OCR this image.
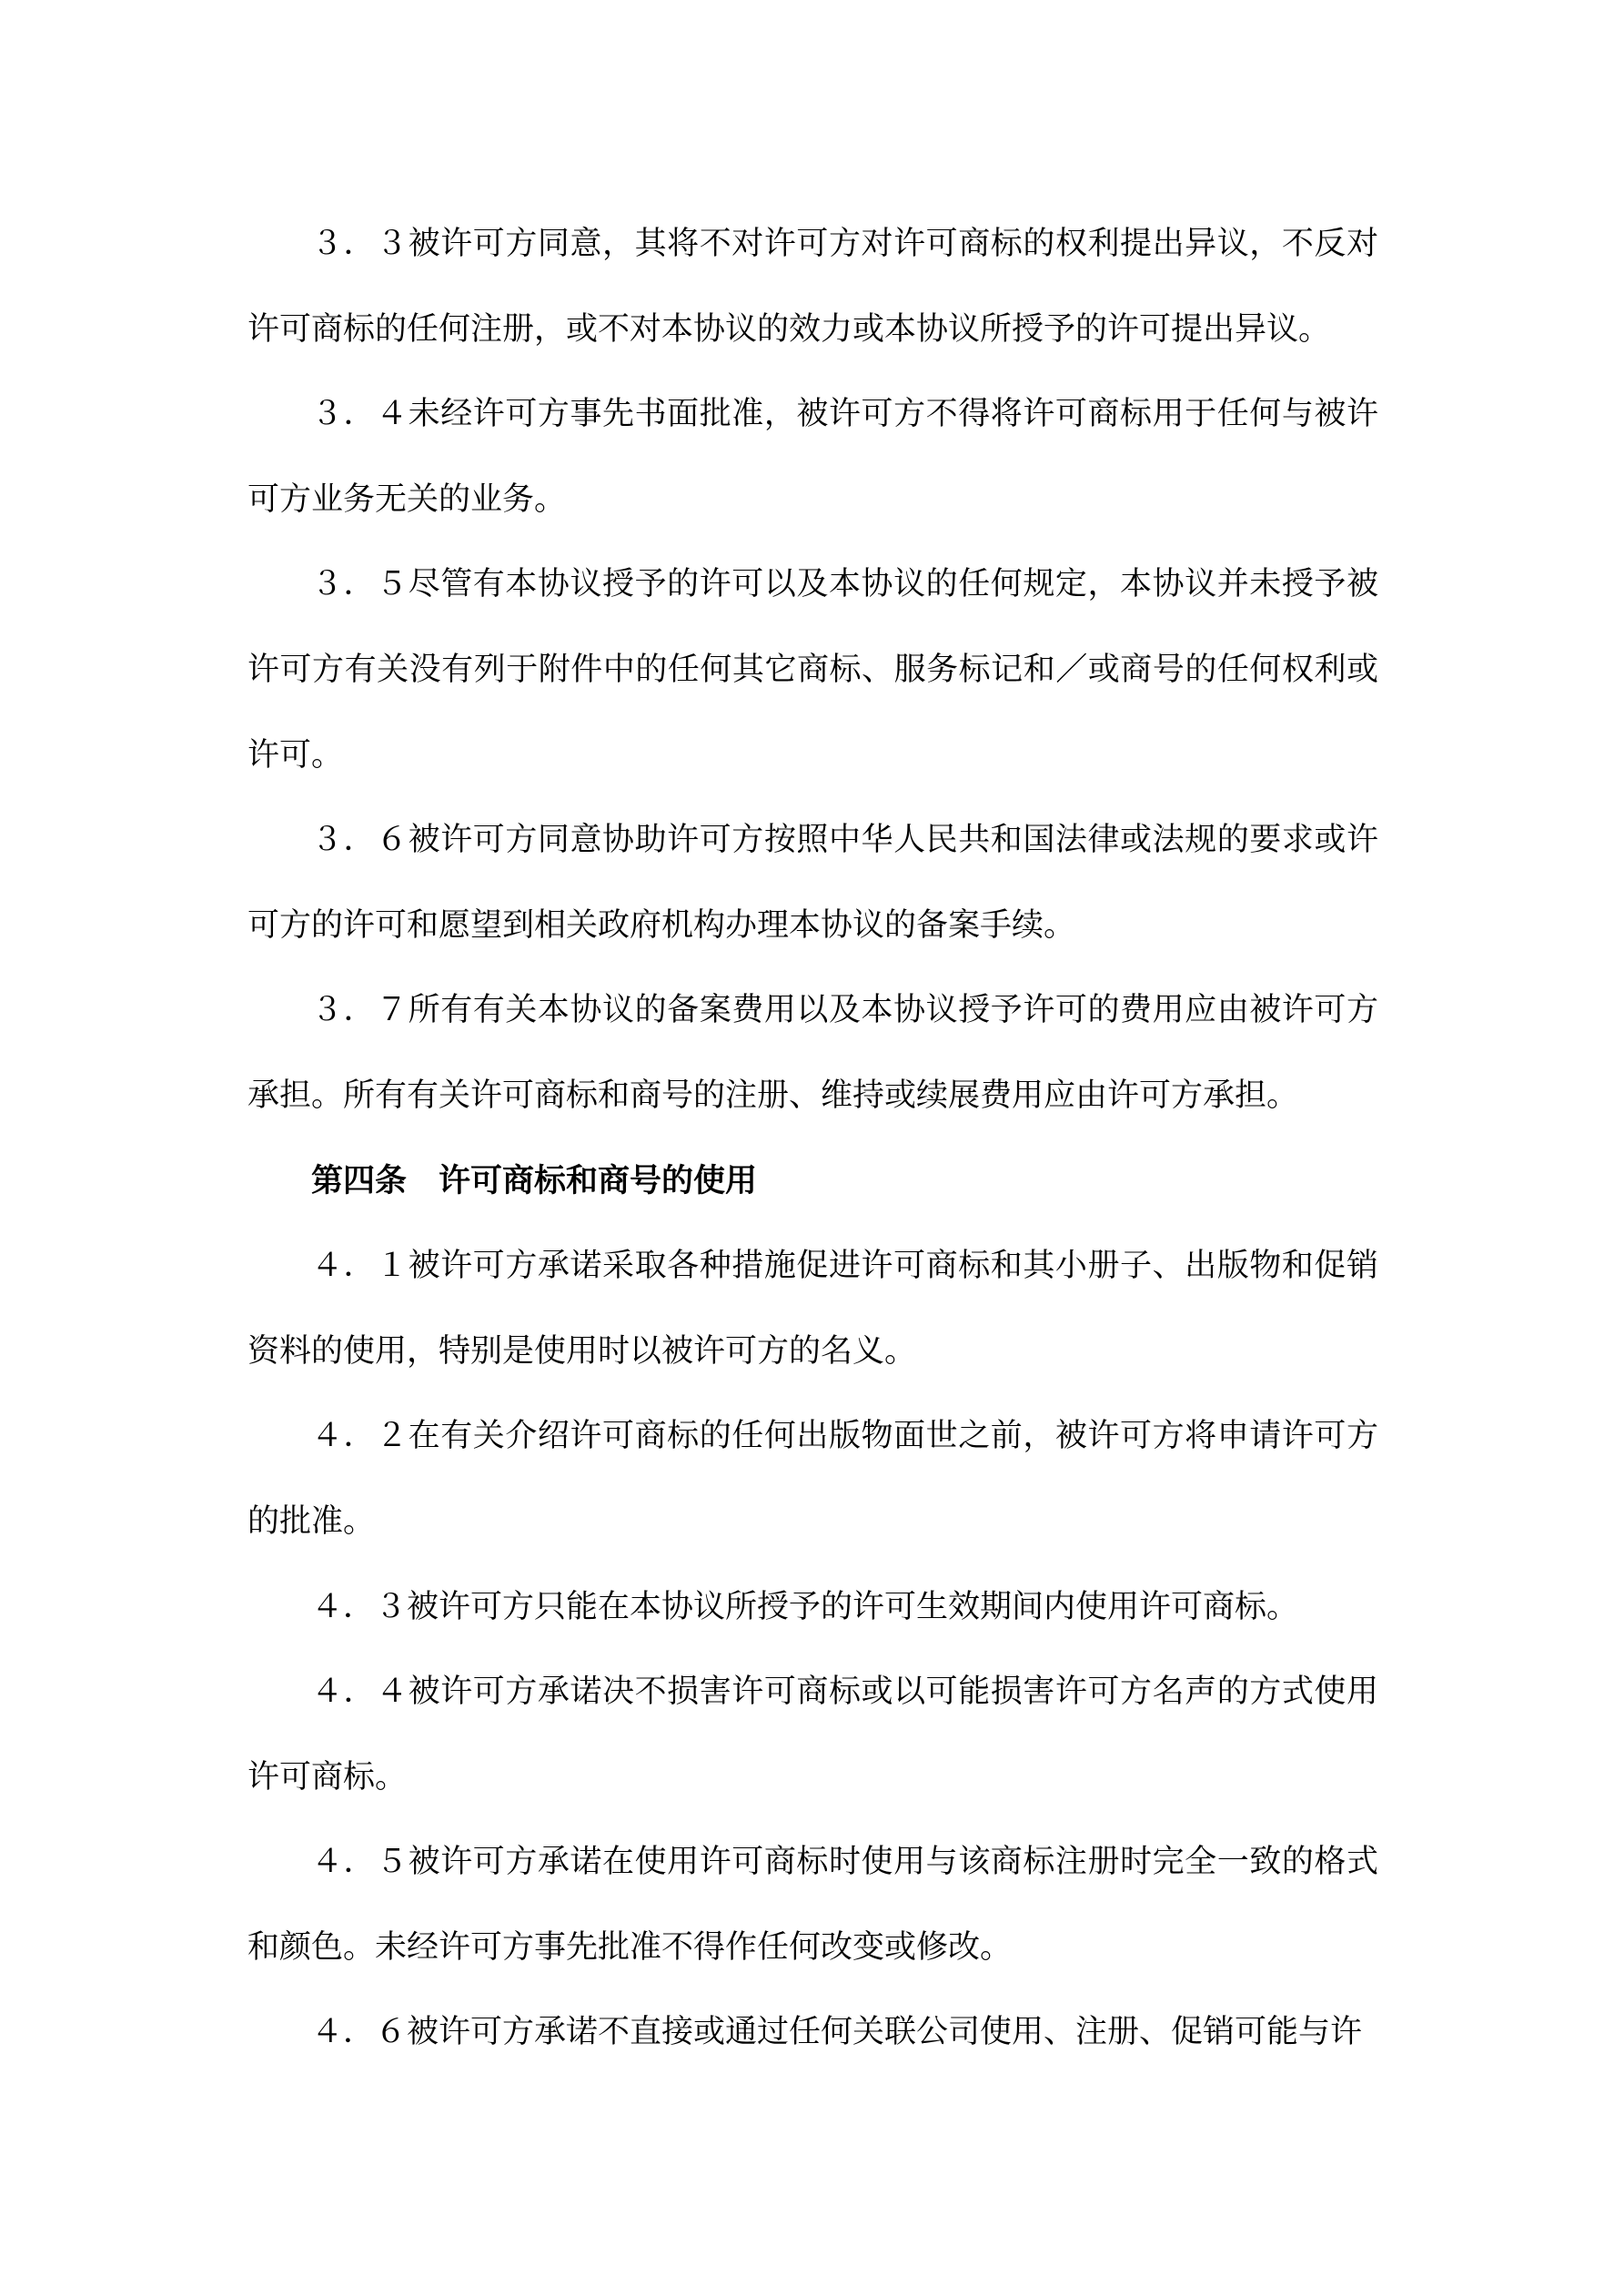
３．３被许可方同意，其将不对许可方对许可商标的权利提出异议，不反对许可商标的任何注册，或不对本协议的效力或本协议所授予的许可提出异议。

３．４未经许可方事先书面批准，被许可方不得将许可商标用于任何与被许可方业务无关的业务。

３．５尽管有本协议授予的许可以及本协议的任何规定，本协议并未授予被许可方有关没有列于附件中的任何其它商标、服务标记和／或商号的任何权利或许可。

３．６被许可方同意协助许可方按照中华人民共和国法律或法规的要求或许可方的许可和愿望到相关政府机构办理本协议的备案手续。

３．７所有有关本协议的备案费用以及本协议授予许可的费用应由被许可方承担。所有有关许可商标和商号的注册、维持或续展费用应由许可方承担。

第四条　许可商标和商号的使用

４．１被许可方承诺采取各种措施促进许可商标和其小册子、出版物和促销资料的使用，特别是使用时以被许可方的名义。

４．２在有关介绍许可商标的任何出版物面世之前，被许可方将申请许可方的批准。

４．３被许可方只能在本协议所授予的许可生效期间内使用许可商标。

４．４被许可方承诺决不损害许可商标或以可能损害许可方名声的方式使用许可商标。

４．５被许可方承诺在使用许可商标时使用与该商标注册时完全一致的格式和颜色。未经许可方事先批准不得作任何改变或修改。

４．６被许可方承诺不直接或通过任何关联公司使用、注册、促销可能与许
